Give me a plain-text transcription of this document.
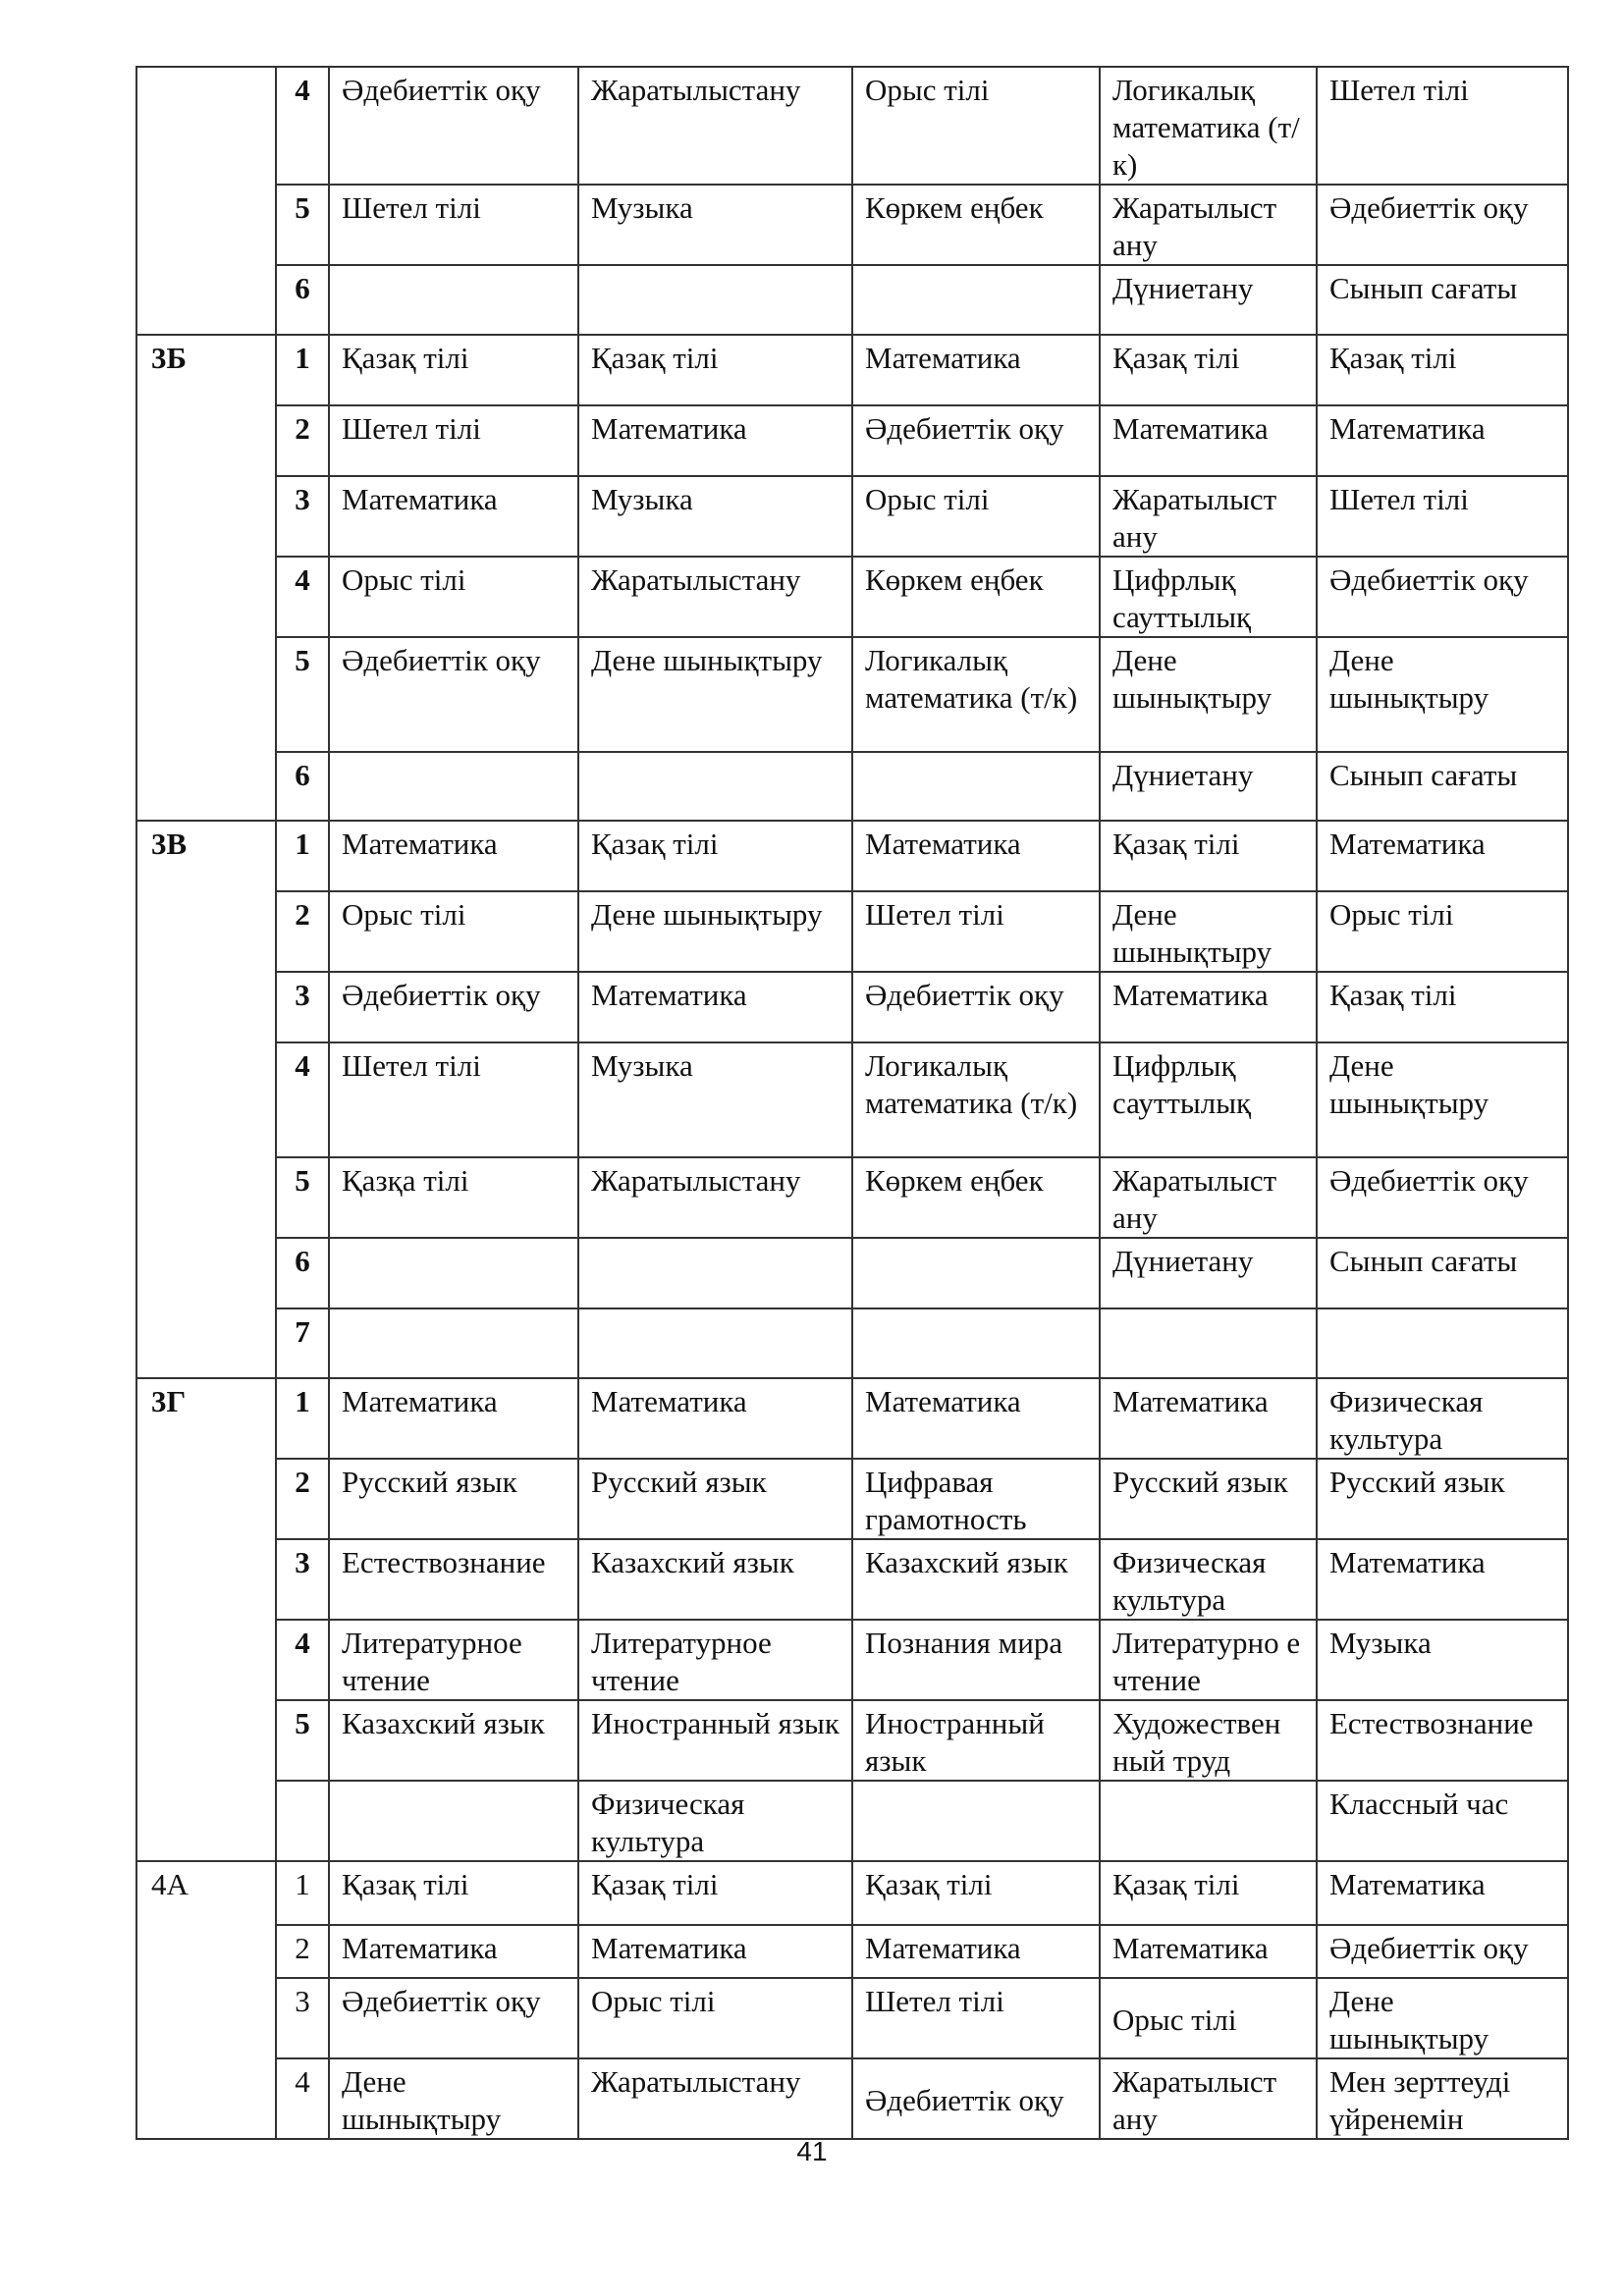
	4	Әдебиеттік оқу	Жаратылыстану	Орыс тілі	Логикалық математика (т/к)	Шетел тілі
	5	Шетел тілі	Музыка	Көркем еңбек	Жаратылыст ану	Әдебиеттік оқу
	6				Дүниетану	Сынып сағаты
3Б	1	Қазақ тілі	Қазақ тілі	Математика	Қазақ тілі	Қазақ тілі
	2	Шетел тілі	Математика	Әдебиеттік оқу	Математика	Математика
	3	Математика	Музыка	Орыс тілі	Жаратылыст ану	Шетел тілі
	4	Орыс тілі	Жаратылыстану	Көркем еңбек	Цифрлық сауттылық	Әдебиеттік оқу
	5	Әдебиеттік оқу	Дене шынықтыру	Логикалық математика (т/к)	Дене шынықтыру	Дене шынықтыру
	6				Дүниетану	Сынып сағаты
3В	1	Математика	Қазақ тілі	Математика	Қазақ тілі	Математика
	2	Орыс тілі	Дене шынықтыру	Шетел тілі	Дене шынықтыру	Орыс тілі
	3	Әдебиеттік оқу	Математика	Әдебиеттік оқу	Математика	Қазақ тілі
	4	Шетел тілі	Музыка	Логикалық математика (т/к)	Цифрлық сауттылық	Дене шынықтыру
	5	Қазқа тілі	Жаратылыстану	Көркем еңбек	Жаратылыст ану	Әдебиеттік оқу
	6				Дүниетану	Сынып сағаты
	7					
3Г	1	Математика	Математика	Математика	Математика	Физическая культура
	2	Русский язык	Русский язык	Цифравая грамотность	Русский язык	Русский язык
	3	Естествознание	Казахский язык	Казахский язык	Физическая культура	Математика
	4	Литературное чтение	Литературное чтение	Познания мира	Литературно е чтение	Музыка
	5	Казахский язык	Иностранный язык	Иностранный язык	Художествен ный труд	Естествознание
			Физическая культура			Классный час
4А	1	Қазақ тілі	Қазақ тілі	Қазақ тілі	Қазақ тілі	Математика
	2	Математика	Математика	Математика	Математика	Әдебиеттік оқу
	3	Әдебиеттік оқу	Орыс тілі	Шетел тілі	Орыс тілі	Дене шынықтыру
	4	Дене шынықтыру	Жаратылыстану	Әдебиеттік оқу	Жаратылыст ану	Мен зерттеуді үйренемін
41
